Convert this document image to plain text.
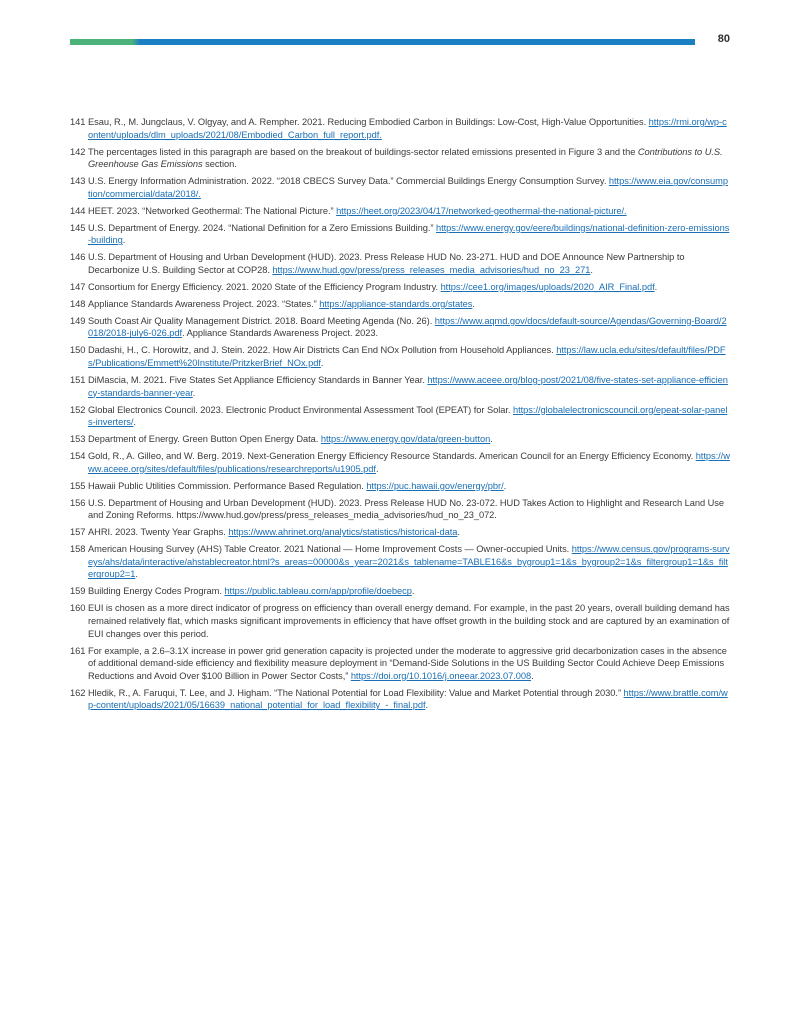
80
141 Esau, R., M. Jungclaus, V. Olgyay, and A. Rempher. 2021. Reducing Embodied Carbon in Buildings: Low-Cost, High-Value Opportunities. https://rmi.org/wp-content/uploads/dlm_uploads/2021/08/Embodied_Carbon_full_report.pdf.
142 The percentages listed in this paragraph are based on the breakout of buildings-sector related emissions presented in Figure 3 and the Contributions to U.S. Greenhouse Gas Emissions section.
143 U.S. Energy Information Administration. 2022. “2018 CBECS Survey Data.” Commercial Buildings Energy Consumption Survey. https://www.eia.gov/consumption/commercial/data/2018/.
144 HEET. 2023. “Networked Geothermal: The National Picture.” https://heet.org/2023/04/17/networked-geothermal-the-national-picture/.
145 U.S. Department of Energy. 2024. “National Definition for a Zero Emissions Building.” https://www.energy.gov/eere/buildings/national-definition-zero-emissions-building.
146 U.S. Department of Housing and Urban Development (HUD). 2023. Press Release HUD No. 23-271. HUD and DOE Announce New Partnership to Decarbonize U.S. Building Sector at COP28. https://www.hud.gov/press/press_releases_media_advisories/hud_no_23_271.
147 Consortium for Energy Efficiency. 2021. 2020 State of the Efficiency Program Industry. https://cee1.org/images/uploads/2020_AIR_Final.pdf.
148 Appliance Standards Awareness Project. 2023. “States.” https://appliance-standards.org/states.
149 South Coast Air Quality Management District. 2018. Board Meeting Agenda (No. 26). https://www.aqmd.gov/docs/default-source/Agendas/Governing-Board/2018/2018-july6-026.pdf. Appliance Standards Awareness Project. 2023.
150 Dadashi, H., C. Horowitz, and J. Stein. 2022. How Air Districts Can End NOx Pollution from Household Appliances. https://law.ucla.edu/sites/default/files/PDFs/Publications/Emmett%20Institute/PritzkerBrief_NOx.pdf.
151 DiMascia, M. 2021. Five States Set Appliance Efficiency Standards in Banner Year. https://www.aceee.org/blog-post/2021/08/five-states-set-appliance-efficiency-standards-banner-year.
152 Global Electronics Council. 2023. Electronic Product Environmental Assessment Tool (EPEAT) for Solar. https://globalelectronicscouncil.org/epeat-solar-panels-inverters/.
153 Department of Energy. Green Button Open Energy Data. https://www.energy.gov/data/green-button.
154 Gold, R., A. Gilleo, and W. Berg. 2019. Next-Generation Energy Efficiency Resource Standards. American Council for an Energy Efficiency Economy. https://www.aceee.org/sites/default/files/publications/researchreports/u1905.pdf.
155 Hawaii Public Utilities Commission. Performance Based Regulation. https://puc.hawaii.gov/energy/pbr/.
156 U.S. Department of Housing and Urban Development (HUD). 2023. Press Release HUD No. 23-072. HUD Takes Action to Highlight and Research Land Use and Zoning Reforms. https://www.hud.gov/press/press_releases_media_advisories/hud_no_23_072.
157 AHRI. 2023. Twenty Year Graphs. https://www.ahrinet.org/analytics/statistics/historical-data.
158 American Housing Survey (AHS) Table Creator. 2021 National — Home Improvement Costs — Owner-occupied Units. https://www.census.gov/programs-surveys/ahs/data/interactive/ahstablecreator.html?s_areas=00000&s_year=2021&s_tablename=TABLE16&s_bygroup1=1&s_bygroup2=1&s_filtergroup1=1&s_filtergroup2=1.
159 Building Energy Codes Program. https://public.tableau.com/app/profile/doebecp.
160 EUI is chosen as a more direct indicator of progress on efficiency than overall energy demand. For example, in the past 20 years, overall building demand has remained relatively flat, which masks significant improvements in efficiency that have offset growth in the building stock and are captured by an examination of EUI changes over this period.
161 For example, a 2.6–3.1X increase in power grid generation capacity is projected under the moderate to aggressive grid decarbonization cases in the absence of additional demand-side efficiency and flexibility measure deployment in “Demand-Side Solutions in the US Building Sector Could Achieve Deep Emissions Reductions and Avoid Over $100 Billion in Power Sector Costs,” https://doi.org/10.1016/j.oneear.2023.07.008.
162 Hledik, R., A. Faruqui, T. Lee, and J. Higham. “The National Potential for Load Flexibility: Value and Market Potential through 2030.” https://www.brattle.com/wp-content/uploads/2021/05/16639_national_potential_for_load_flexibility_-_final.pdf.
